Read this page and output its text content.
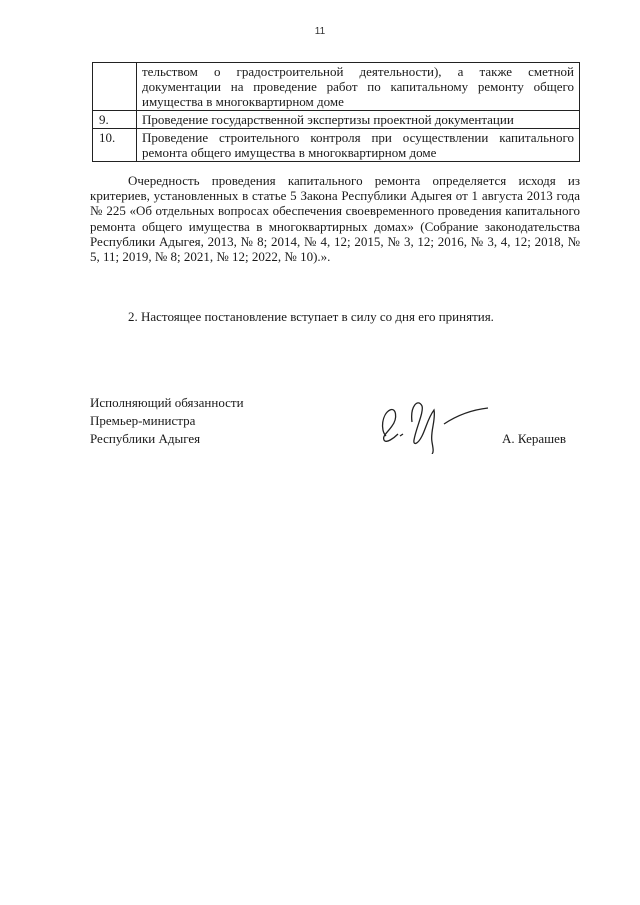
11
	тельством о градостроительной деятельности), а также сметной документации на проведение работ по капитальному ремонту общего имущества в многоквартирном доме
9.	Проведение государственной экспертизы проектной документации
10.	Проведение строительного контроля при осуществлении капитального ремонта общего имущества в многоквартирном доме
Очередность проведения капитального ремонта определяется исходя из критериев, установленных в статье 5 Закона Республики Адыгея от 1 августа 2013 года № 225 «Об отдельных вопросах обеспечения своевременного проведения капитального ремонта общего имущества в многоквартирных домах» (Собрание законодательства Республики Адыгея, 2013, № 8; 2014, № 4, 12; 2015, № 3, 12; 2016, № 3, 4, 12; 2018, № 5, 11; 2019, № 8; 2021, № 12; 2022, № 10).».
2. Настоящее постановление вступает в силу со дня его принятия.
Исполняющий обязанности
Премьер-министра
Республики Адыгея	А. Керашев
